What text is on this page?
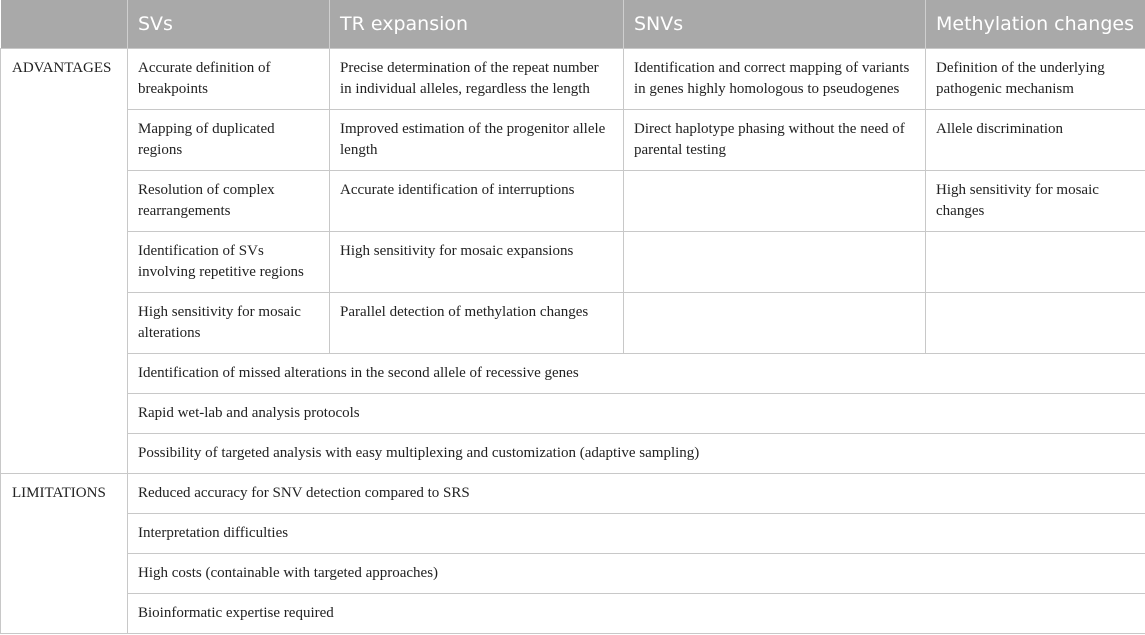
	SVs	TR expansion	SNVs	Methylation changes
ADVANTAGES	Accurate definition of breakpoints	Precise determination of the repeat number in individual alleles, regardless the length	Identification and correct mapping of variants in genes highly homologous to pseudogenes	Definition of the underlying pathogenic mechanism
	Mapping of duplicated regions	Improved estimation of the progenitor allele length	Direct haplotype phasing without the need of parental testing	Allele discrimination
	Resolution of complex rearrangements	Accurate identification of interruptions		High sensitivity for mosaic changes
	Identification of SVs involving repetitive regions	High sensitivity for mosaic expansions		
	High sensitivity for mosaic alterations	Parallel detection of methylation changes		
	Identification of missed alterations in the second allele of recessive genes			
	Rapid wet-lab and analysis protocols			
	Possibility of targeted analysis with easy multiplexing and customization (adaptive sampling)			
LIMITATIONS	Reduced accuracy for SNV detection compared to SRS			
	Interpretation difficulties			
	High costs (containable with targeted approaches)			
	Bioinformatic expertise required			
